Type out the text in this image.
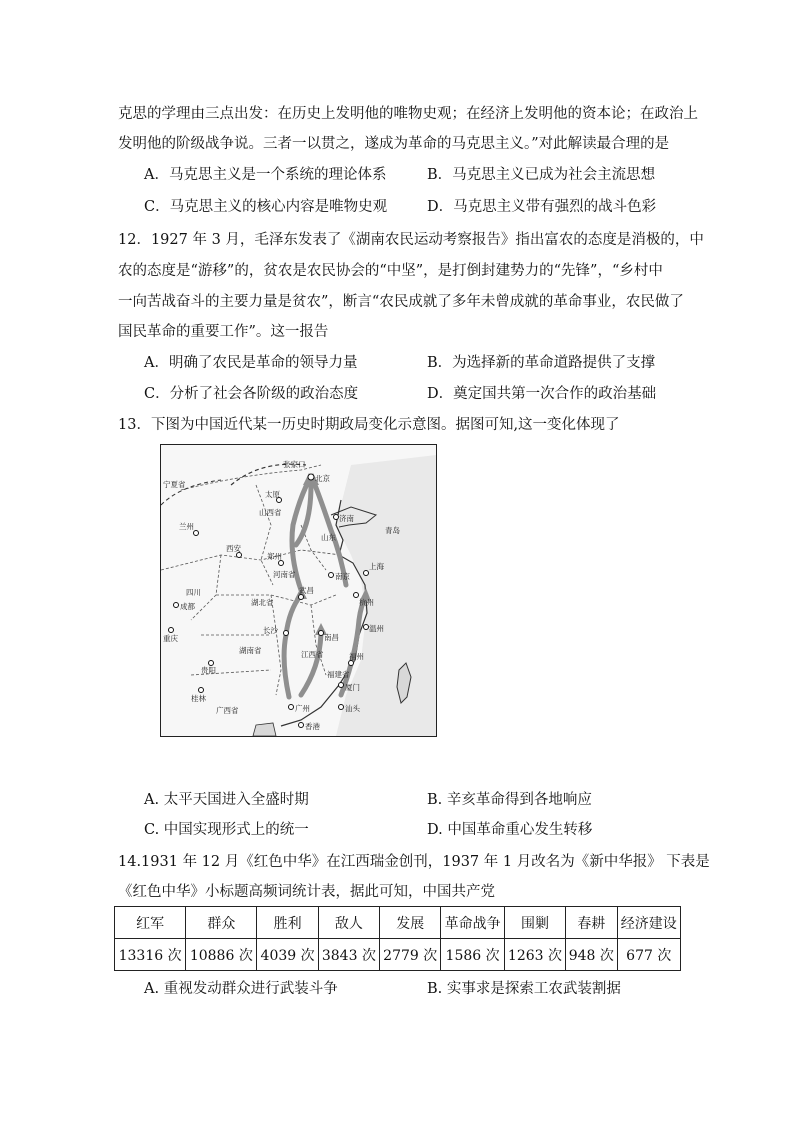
克思的学理由三点出发：在历史上发明他的唯物史观；在经济上发明他的资本论；在政治上
发明他的阶级战争说。三者一以贯之，遂成为革命的马克思主义。”对此解读最合理的是
A．马克思主义是一个系统的理论体系	B．马克思主义已成为社会主流思想
C．马克思主义的核心内容是唯物史观	D．马克思主义带有强烈的战斗色彩
12．1927 年 3 月，毛泽东发表了《湖南农民运动考察报告》指出富农的态度是消极的，中
农的态度是“游移”的，贫农是农民协会的“中坚”，是打倒封建势力的“先锋”，“乡村中
一向苦战奋斗的主要力量是贫农”，断言“农民成就了多年未曾成就的革命事业，农民做了
国民革命的重要工作”。这一报告
A．明确了农民是革命的领导力量	B．为选择新的革命道路提供了支撑
C．分析了社会各阶级的政治态度	D．奠定国共第一次合作的政治基础
13．下图为中国近代某一历史时期政局变化示意图。据图可知,这一变化体现了
张家口
北京
太原
济南
青岛
兰州
西安
郑州
南京
上海
杭州
武昌
成都
重庆
长沙
南昌
温州
贵阳
福州
桂林
厦门
广州	汕头
香港
宁夏省
四川
湖北省
湖南省	江西省
福建省
广西省
河南省
山西省
山东
A. 太平天国进入全盛时期	B. 辛亥革命得到各地响应
C. 中国实现形式上的统一	D. 中国革命重心发生转移
14.1931 年 12 月《红色中华》在江西瑞金创刊，1937 年 1 月改名为《新中华报》 下表是
《红色中华》小标题高频词统计表，据此可知，中国共产党
红军	群众	胜利	敌人	发展	革命战争	围剿	春耕	经济建设
13316 次	10886 次	4039 次	3843 次	2779 次	1586 次	1263 次	948 次	677 次
A. 重视发动群众进行武装斗争	B. 实事求是探索工农武装割据
